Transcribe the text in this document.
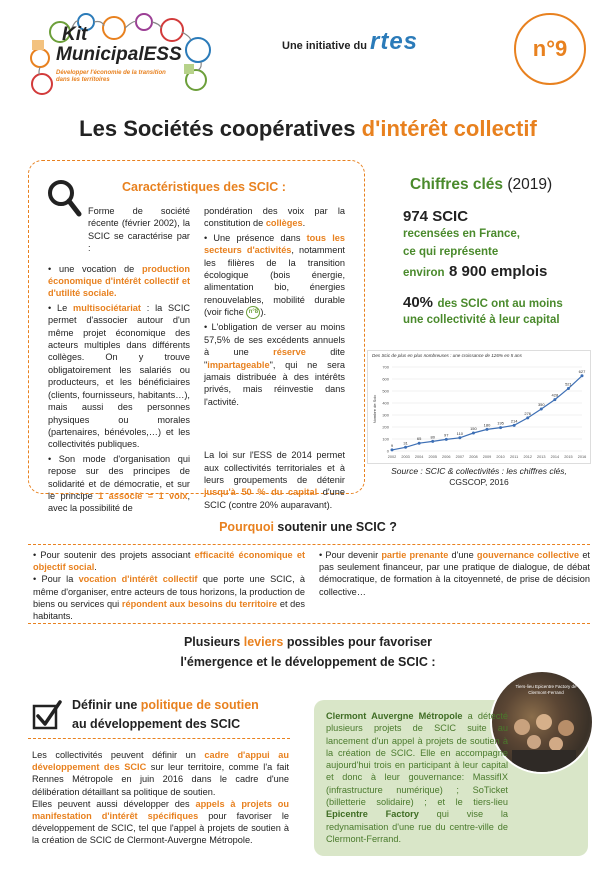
Kit
MunicipalESS
Développer l'économie de la transition dans les territoires
Une initiative du rtes	n°9
Les Sociétés coopératives d'intérêt collectif
Caractéristiques des SCIC :

Forme de société récente (février 2002), la SCIC se caractérise par :

• une vocation de production économique d'intérêt collectif et d'utilité sociale.

• Le multisociétariat : la SCIC permet d'associer autour d'un même projet économique des acteurs multiples dans différents collèges. On y trouve obligatoirement les salariés ou producteurs, et les bénéficiaires (clients, fournisseurs, habitants…), mais aussi des personnes physiques ou morales (partenaires, bénévoles,…) et les collectivités publiques.

• Son mode d'organisation qui repose sur des principes de solidarité et de démocratie, et sur le principe 1 associé = 1 voix, avec la possibilité de

pondération des voix par la constitution de collèges.

• Une présence dans tous les secteurs d'activités, notamment les filières de la transition écologique (bois énergie, alimentation bio, énergies renouvelables, mobilité durable (voir fiche n°8 ).

• L'obligation de verser au moins 57,5% de ses excédents annuels à une réserve dite "impartageable", qui ne sera jamais distribuée à des intérêts privés, mais réinvestie dans l'activité.

La loi sur l'ESS de 2014 permet aux collectivités territoriales et à leurs groupements de détenir jusqu'à 50 % du capital d'une SCIC (contre 20% auparavant).

Chiffres clés (2019)
974 SCIC
recensées en France,
ce qui représente
environ 8 900 emplois
40% des SCIC ont au moins
une collectivité à leur capital
Des Scic de plus en plus nombreuses : une croissance de 126% en 5 ans
0
100
200
300
400
500
600
700
Nombre de Scic
9
2002
31
2003
65
2004
80
2005
97
2006
110
2007
150
2008
180
2009
195
2010
214
2011
276
2012
350
2013
428
2014
521
2015
627
2016
Source : SCIC & collectivités : les chiffres clés,
CGSCOP, 2016
Pourquoi soutenir une SCIC ?

• Pour soutenir des projets associant efficacité économique et objectif social.

• Pour la vocation d'intérêt collectif que porte une SCIC, à même d'organiser, entre acteurs de tous horizons, la production de biens ou services qui répondent aux besoins du territoire et des habitants.

• Pour devenir partie prenante d'une gouvernance collective et pas seulement financeur, par une pratique de dialogue, de débat démocratique, de formation à la citoyenneté, de prise de décision collective…

Plusieurs leviers possibles pour favoriser
l'émergence et le développement de SCIC :
Définir une politique de soutien
au développement des SCIC

Les collectivités peuvent définir un cadre d'appui au développement des SCIC sur leur territoire, comme l'a fait Rennes Métropole en juin 2016 dans le cadre d'une délibération détaillant sa politique de soutien.

Elles peuvent aussi développer des appels à projets ou manifestation d'intérêt spécifiques pour favoriser le développement de SCIC, tel que l'appel à projets de soutien à la création de SCIC de Clermont-Auvergne Métropole.

Tiers-lieu Epicentre Factory de Clermont-Ferrand

Clermont Auvergne Métropole a détecté plusieurs projets de SCIC suite au lancement d'un appel à projets de soutien à la création de SCIC. Elle en accompagne aujourd'hui trois en participant à leur capital et donc à leur gouvernance: MassifIX (infrastructure numérique) ; SoTicket (billetterie solidaire) ; et le tiers-lieu Epicentre Factory qui vise la redynamisation d'une rue du centre-ville de Clermont-Ferrand.
